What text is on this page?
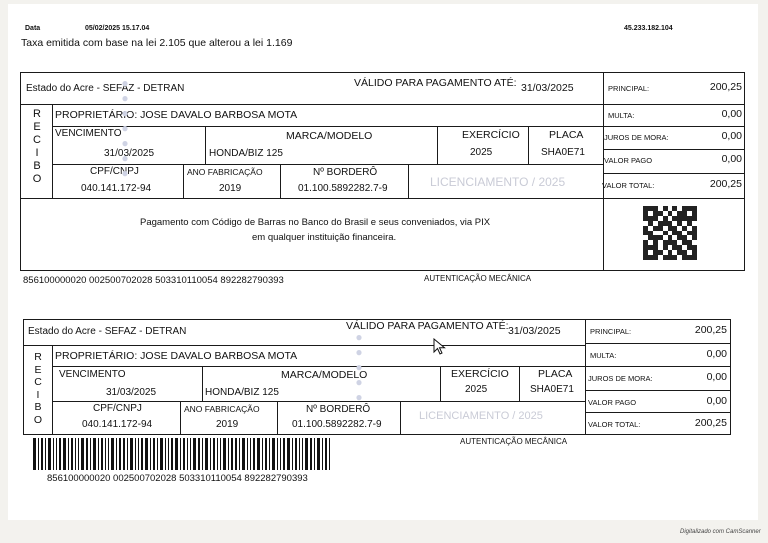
Data	05/02/2025 15.17.04	45.233.182.104
Taxa emitida com base na lei 2.105 que alterou a lei 1.169
Estado do Acre - SEFAZ - DETRAN	VÁLIDO PARA PAGAMENTO ATÉ: 31/03/2025
R
E
C
I
B
O
PROPRIETÁRIO: JOSE DAVALO BARBOSA MOTA
VENCIMENTO
31/03/2025
MARCA/MODELO
HONDA/BIZ 125
EXERCÍCIO
2025
PLACA
SHA0E71
CPF/CNPJ
040.141.172-94
ANO FABRICAÇÃO
2019
Nº BORDERÔ
01.100.5892282.7-9	LICENCIAMENTO / 2025
Pagamento com Código de Barras no Banco do Brasil e seus conveniados, via PIX
em qualquer instituição financeira.
PRINCIPAL:	200,25
MULTA:	0,00
JUROS DE MORA:	0,00
VALOR PAGO	0,00
VALOR TOTAL:	200,25
856100000020 002500702028 503310110054 892282790393	AUTENTICAÇÃO MECÂNICA
●●●●●●●
Estado do Acre - SEFAZ - DETRAN	VÁLIDO PARA PAGAMENTO ATÉ: 31/03/2025
R
E
C
I
B
O
PROPRIETÁRIO: JOSE DAVALO BARBOSA MOTA
VENCIMENTO
31/03/2025
MARCA/MODELO
HONDA/BIZ 125
EXERCÍCIO
2025
PLACA
SHA0E71
CPF/CNPJ
040.141.172-94
ANO FABRICAÇÃO
2019
Nº BORDERÔ
01.100.5892282.7-9
LICENCIAMENTO / 2025
PRINCIPAL:	200,25
MULTA:	0,00
JUROS DE MORA:	0,00
VALOR PAGO	0,00
VALOR TOTAL:	200,25
AUTENTICAÇÃO MECÂNICA
856100000020 002500702028 503310110054 892282790393
●●●●●
Digitalizado com CamScanner
